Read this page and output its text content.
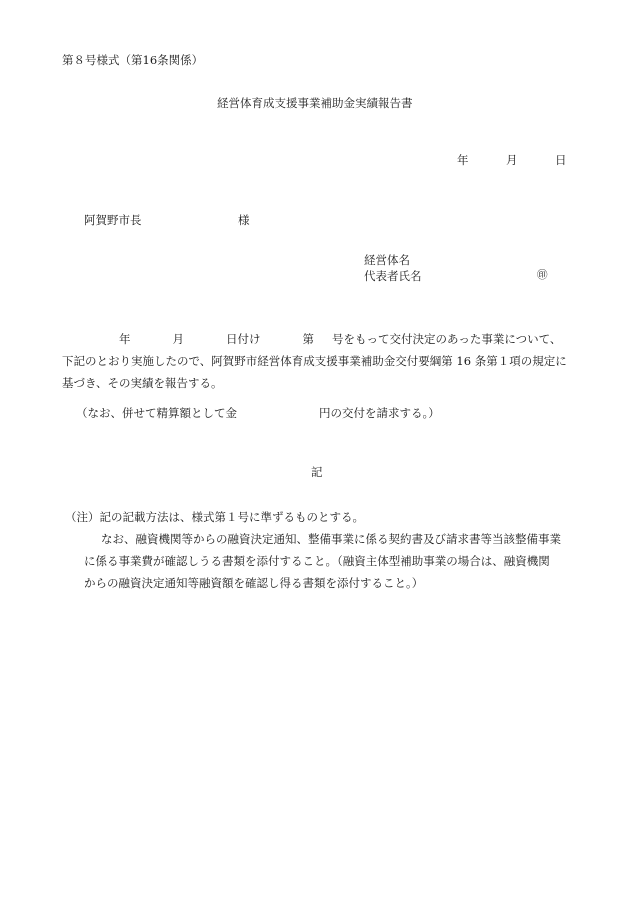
第８号様式（第16条関係）
経営体育成支援事業補助金実績報告書
年	月	日
阿賀野市長	様
経営体名
代表者氏名	㊞
年	月	日付け	第 号をもって交付決定のあった事業について、
下記のとおり実施したので、阿賀野市経営体育成支援事業補助金交付要綱第 16 条第１項の規定に
基づき、その実績を報告する。
（なお、併せて精算額として金	円の交付を請求する。）
記
（注）記の記載方法は、様式第１号に準ずるものとする。
なお、融資機関等からの融資決定通知、整備事業に係る契約書及び請求書等当該整備事業
に係る事業費が確認しうる書類を添付すること。（融資主体型補助事業の場合は、融資機関
からの融資決定通知等融資額を確認し得る書類を添付すること。）
